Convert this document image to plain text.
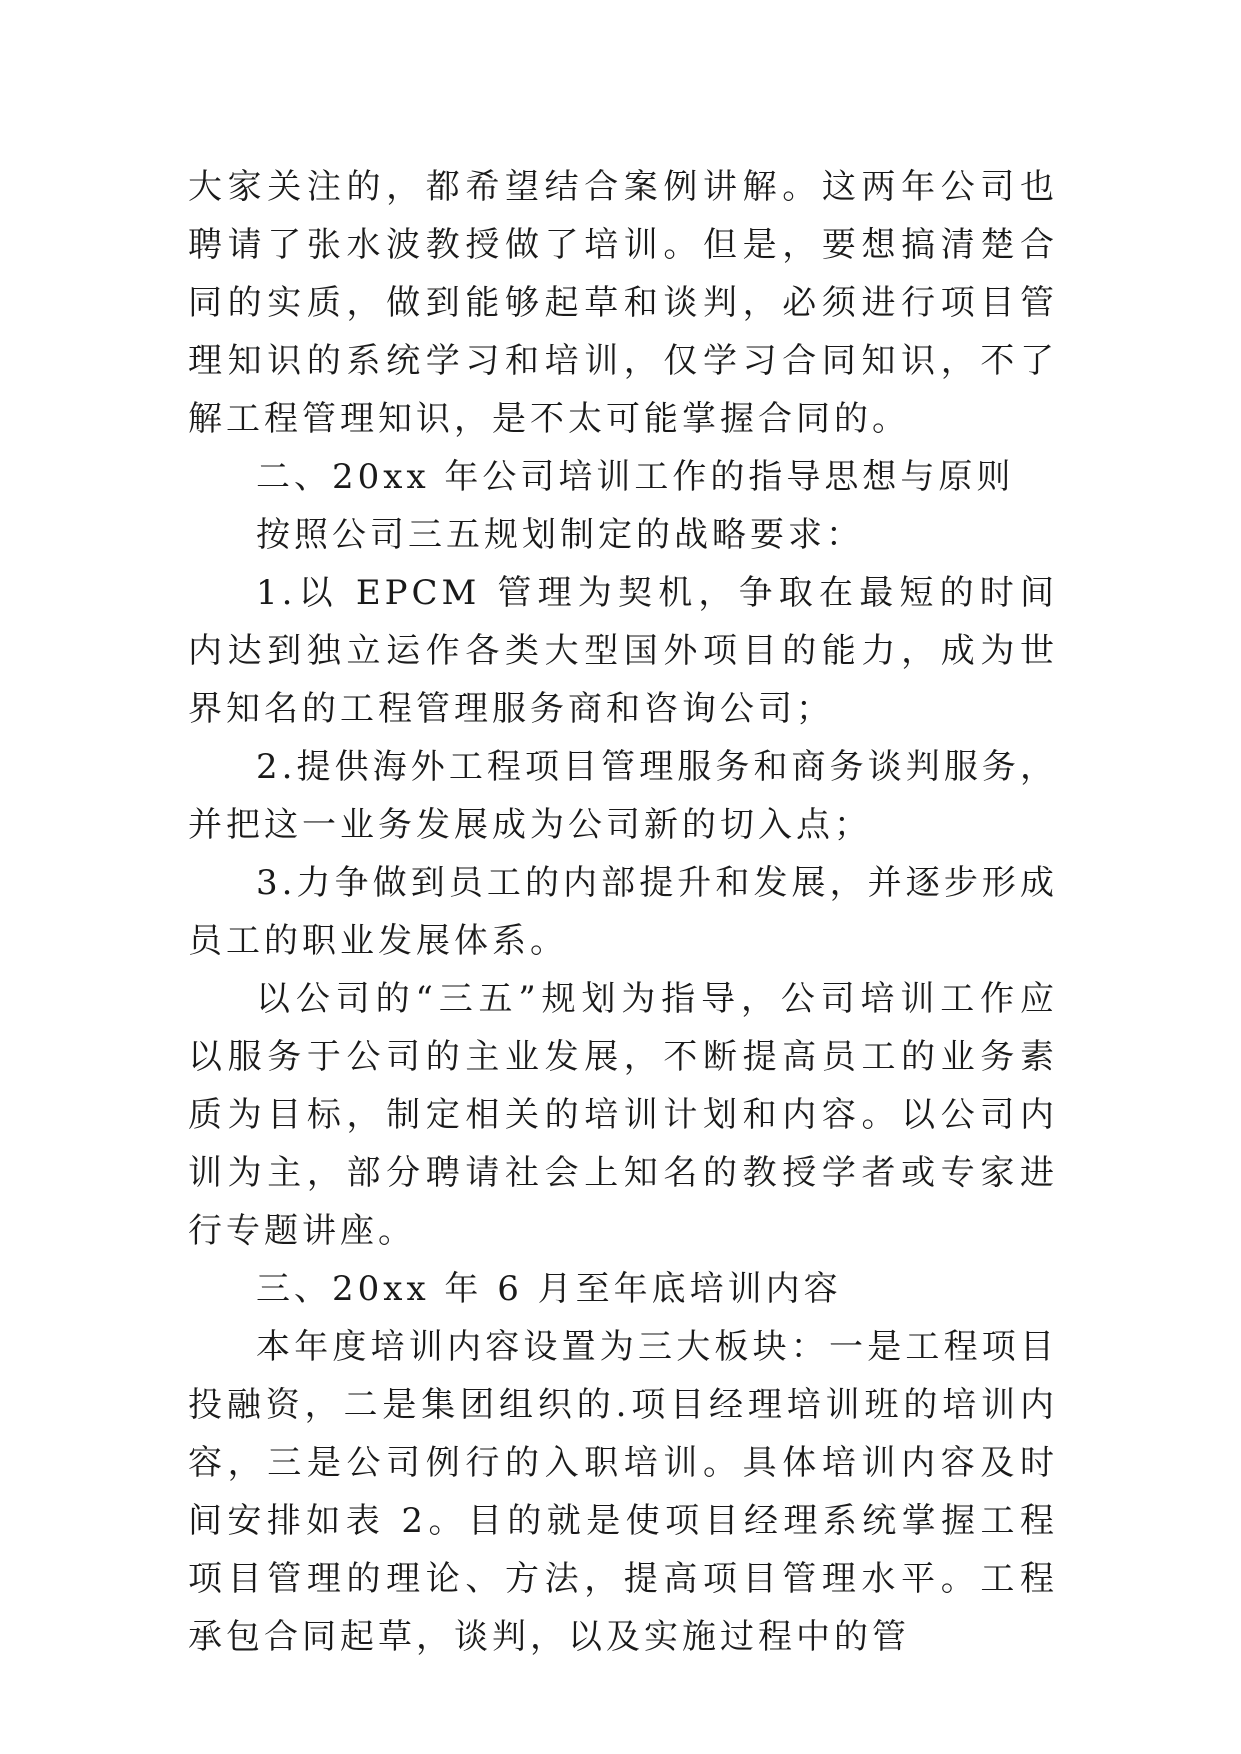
大家关注的，都希望结合案例讲解。这两年公司也聘请了张水波教授做了培训。但是，要想搞清楚合同的实质，做到能够起草和谈判，必须进行项目管理知识的系统学习和培训，仅学习合同知识，不了解工程管理知识，是不太可能掌握合同的。

二、20xx 年公司培训工作的指导思想与原则

按照公司三五规划制定的战略要求：

1.以 EPCM 管理为契机，争取在最短的时间内达到独立运作各类大型国外项目的能力，成为世界知名的工程管理服务商和咨询公司；

2.提供海外工程项目管理服务和商务谈判服务，并把这一业务发展成为公司新的切入点；

3.力争做到员工的内部提升和发展，并逐步形成员工的职业发展体系。

以公司的“三五”规划为指导，公司培训工作应以服务于公司的主业发展，不断提高员工的业务素质为目标，制定相关的培训计划和内容。以公司内训为主，部分聘请社会上知名的教授学者或专家进行专题讲座。

三、20xx 年 6 月至年底培训内容

本年度培训内容设置为三大板块：一是工程项目投融资，二是集团组织的.项目经理培训班的培训内容，三是公司例行的入职培训。具体培训内容及时间安排如表 2。目的就是使项目经理系统掌握工程项目管理的理论、方法，提高项目管理水平。工程承包合同起草，谈判，以及实施过程中的管
